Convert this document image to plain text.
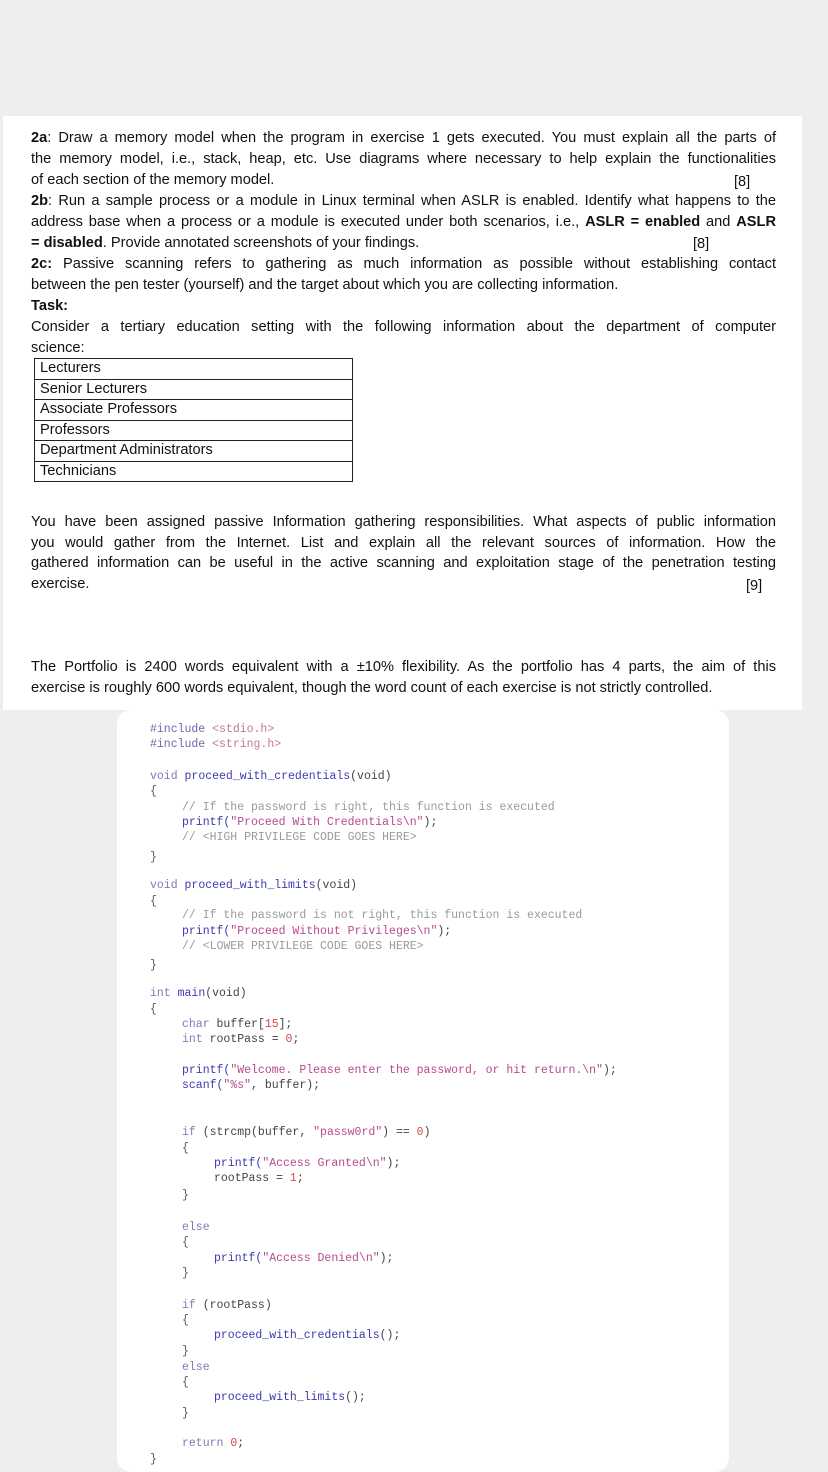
2a: Draw a memory model when the program in exercise 1 gets executed. You must explain all the parts of
the memory model, i.e., stack, heap, etc. Use diagrams where necessary to help explain the functionalities
of each section of the memory model.	[8]
2b: Run a sample process or a module in Linux terminal when ASLR is enabled. Identify what happens to the
address base when a process or a module is executed under both scenarios, i.e., ASLR = enabled and ASLR
= disabled. Provide annotated screenshots of your findings.	[8]
2c: Passive scanning refers to gathering as much information as possible without establishing contact
between the pen tester (yourself) and the target about which you are collecting information.
Task:
Consider a tertiary education setting with the following information about the department of computer
science:
Lecturers
Senior Lecturers
Associate Professors
Professors
Department Administrators
Technicians
You have been assigned passive Information gathering responsibilities. What aspects of public information
you would gather from the Internet. List and explain all the relevant sources of information. How the
gathered information can be useful in the active scanning and exploitation stage of the penetration testing
exercise.	[9]
The Portfolio is 2400 words equivalent with a ±10% flexibility. As the portfolio has 4 parts, the aim of this
exercise is roughly 600 words equivalent, though the word count of each exercise is not strictly controlled.
#include <stdio.h>
#include <string.h>
void proceed_with_credentials(void)
{
// If the password is right, this function is executed
printf("Proceed With Credentials\n");
// <HIGH PRIVILEGE CODE GOES HERE>
}
void proceed_with_limits(void)
{
// If the password is not right, this function is executed
printf("Proceed Without Privileges\n");
// <LOWER PRIVILEGE CODE GOES HERE>
}
int main(void)
{
char buffer[15];
int rootPass = 0;
printf("Welcome. Please enter the password, or hit return.\n");
scanf("%s", buffer);
if (strcmp(buffer, "passw0rd") == 0)
{
printf("Access Granted\n");
rootPass = 1;
}
else
{
printf("Access Denied\n");
}
if (rootPass)
{
proceed_with_credentials();
}
else
{
proceed_with_limits();
}
return 0;
}
